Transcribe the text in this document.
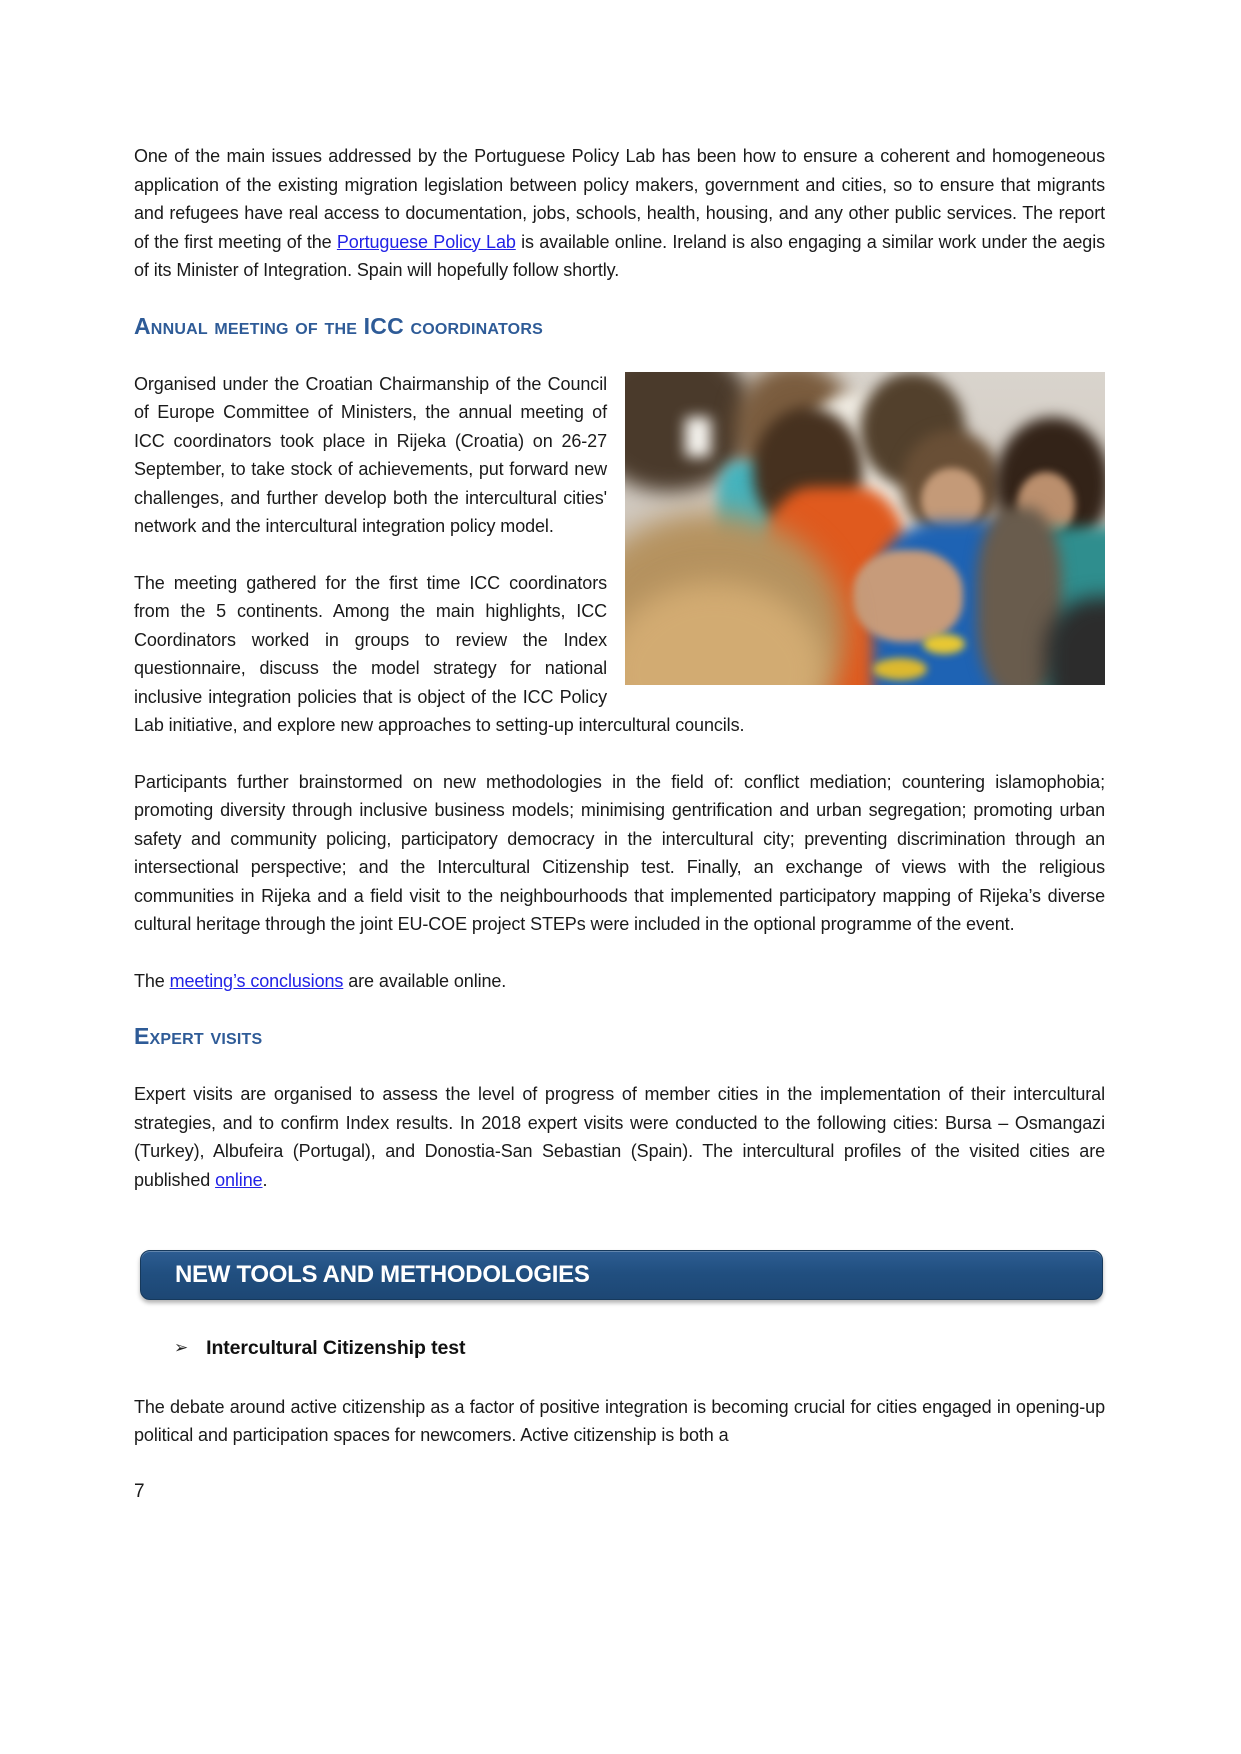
One of the main issues addressed by the Portuguese Policy Lab has been how to ensure a coherent and homogeneous application of the existing migration legislation between policy makers, government and cities, so to ensure that migrants and refugees have real access to documentation, jobs, schools, health, housing, and any other public services. The report of the first meeting of the Portuguese Policy Lab is available online. Ireland is also engaging a similar work under the aegis of its Minister of Integration. Spain will hopefully follow shortly.

Annual meeting of the ICC coordinators

Organised under the Croatian Chairmanship of the Council of Europe Committee of Ministers, the annual meeting of ICC coordinators took place in Rijeka (Croatia) on 26-27 September, to take stock of achievements, put forward new challenges, and further develop both the intercultural cities' network and the intercultural integration policy model.

The meeting gathered for the first time ICC coordinators from the 5 continents. Among the main highlights, ICC Coordinators worked in groups to review the Index questionnaire, discuss the model strategy for national inclusive integration policies that is object of the ICC Policy Lab initiative, and explore new approaches to setting-up intercultural councils.

Participants further brainstormed on new methodologies in the field of: conflict mediation; countering islamophobia; promoting diversity through inclusive business models; minimising gentrification and urban segregation; promoting urban safety and community policing, participatory democracy in the intercultural city; preventing discrimination through an intersectional perspective; and the Intercultural Citizenship test. Finally, an exchange of views with the religious communities in Rijeka and a field visit to the neighbourhoods that implemented participatory mapping of Rijeka’s diverse cultural heritage through the joint EU-COE project STEPs were included in the optional programme of the event.

The meeting’s conclusions are available online.

Expert visits

Expert visits are organised to assess the level of progress of member cities in the implementation of their intercultural strategies, and to confirm Index results. In 2018 expert visits were conducted to the following cities: Bursa – Osmangazi (Turkey), Albufeira (Portugal), and Donostia-San Sebastian (Spain). The intercultural profiles of the visited cities are published online.

NEW TOOLS AND METHODOLOGIES
➢ Intercultural Citizenship test

The debate around active citizenship as a factor of positive integration is becoming crucial for cities engaged in opening-up political and participation spaces for newcomers. Active citizenship is both a

7
